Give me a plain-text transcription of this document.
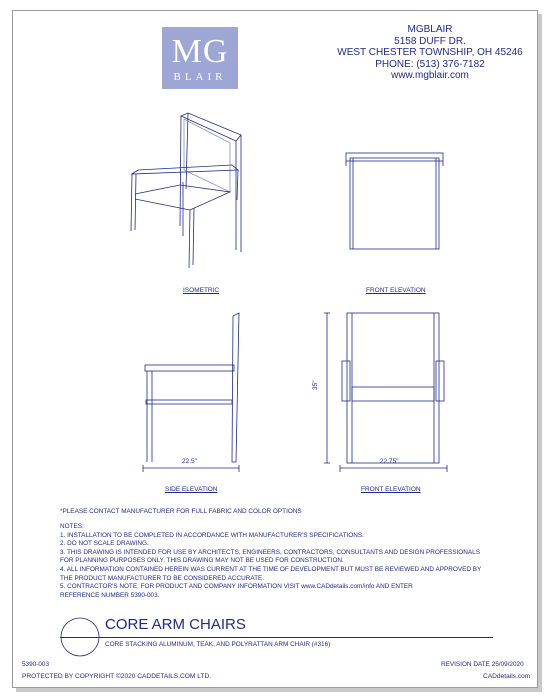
MG
BLAIR
MGBLAIR
5158 DUFF DR.
WEST CHESTER TOWNSHIP, OH 45246
PHONE: (513) 376-7182
www.mgblair.com
ISOMETRIC	FRONT ELEVATION
22.5"	22.75"
35"
SIDE ELEVATION	FRONT ELEVATION
*PLEASE CONTACT MANUFACTURER FOR FULL FABRIC AND COLOR OPTIONS
NOTES:
1. INSTALLATION TO BE COMPLETED IN ACCORDANCE WITH MANUFACTURER'S SPECIFICATIONS.
2. DO NOT SCALE DRAWING.
3. THIS DRAWING IS INTENDED FOR USE BY ARCHITECTS, ENGINEERS, CONTRACTORS, CONSULTANTS AND DESIGN PROFESSIONALS
FOR PLANNING PURPOSES ONLY. THIS DRAWING MAY NOT BE USED FOR CONSTRUCTION.
4. ALL INFORMATION CONTAINED HEREIN WAS CURRENT AT THE TIME OF DEVELOPMENT BUT MUST BE REVIEWED AND APPROVED BY
THE PRODUCT MANUFACTURER TO BE CONSIDERED ACCURATE.
5. CONTRACTOR'S NOTE: FOR PRODUCT AND COMPANY INFORMATION VISIT www.CADdetails.com/info AND ENTER
REFERENCE NUMBER 5390-003.
CORE ARM CHAIRS
CORE STACKING ALUMINUM, TEAK, AND POLYRATTAN ARM CHAIR (#316)
5390-003	REVISION DATE 25/09/2020
PROTECTED BY COPYRIGHT ©2020 CADDETAILS.COM LTD.	CADdetails.com
